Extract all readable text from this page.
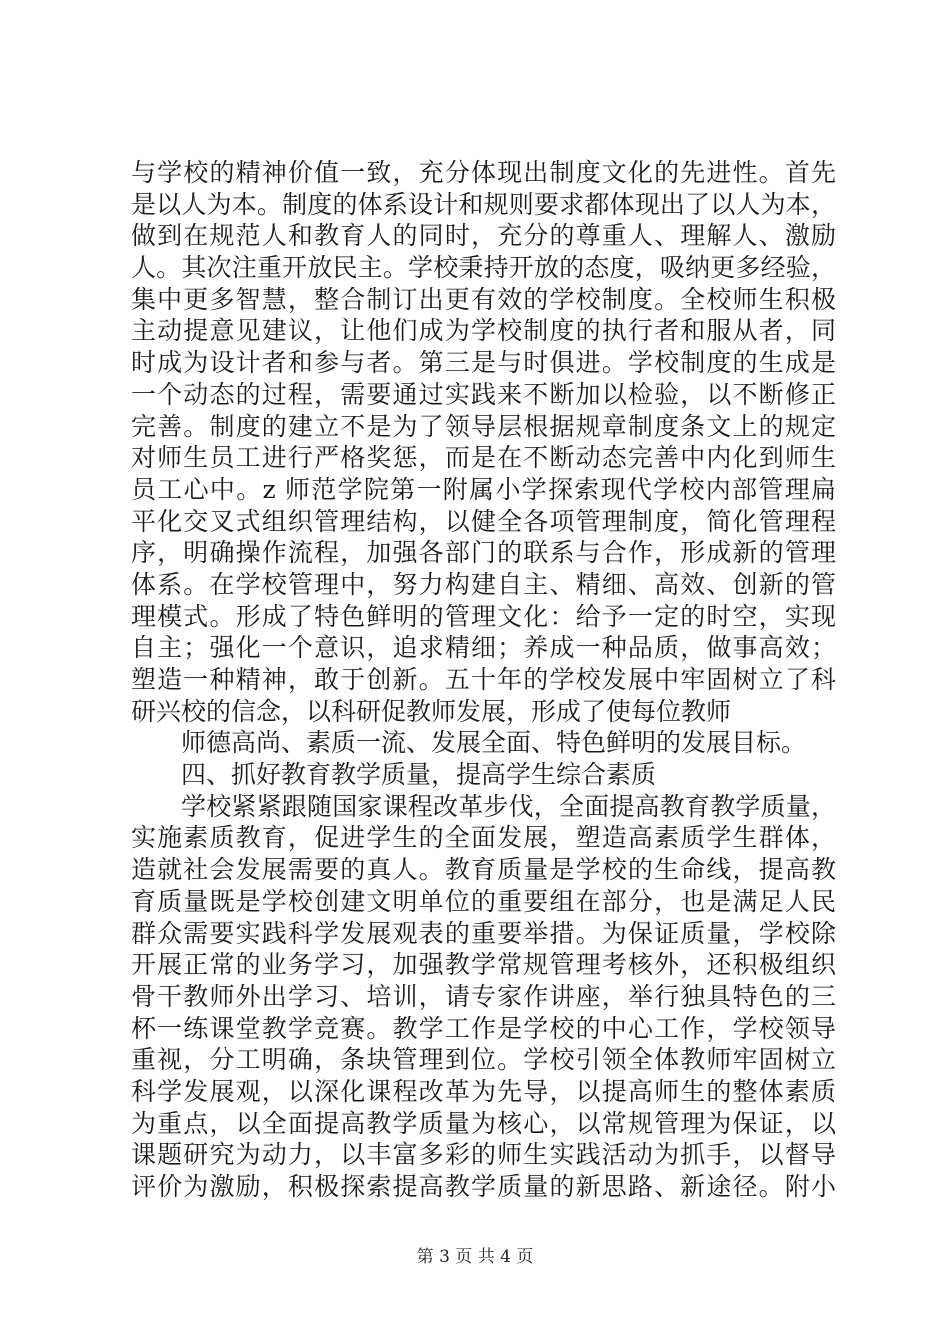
与学校的精神价值一致，充分体现出制度文化的先进性。首先
是以人为本。制度的体系设计和规则要求都体现出了以人为本，
做到在规范人和教育人的同时，充分的尊重人、理解人、激励
人。其次注重开放民主。学校秉持开放的态度，吸纳更多经验，
集中更多智慧，整合制订出更有效的学校制度。全校师生积极
主动提意见建议，让他们成为学校制度的执行者和服从者，同
时成为设计者和参与者。第三是与时俱进。学校制度的生成是
一个动态的过程，需要通过实践来不断加以检验，以不断修正
完善。制度的建立不是为了领导层根据规章制度条文上的规定
对师生员工进行严格奖惩，而是在不断动态完善中内化到师生
员工心中。z 师范学院第一附属小学探索现代学校内部管理扁
平化交叉式组织管理结构，以健全各项管理制度，简化管理程
序，明确操作流程，加强各部门的联系与合作，形成新的管理
体系。在学校管理中，努力构建自主、精细、高效、创新的管
理模式。形成了特色鲜明的管理文化：给予一定的时空，实现
自主；强化一个意识，追求精细；养成一种品质，做事高效；
塑造一种精神，敢于创新。五十年的学校发展中牢固树立了科
研兴校的信念，以科研促教师发展，形成了使每位教师
师德高尚、素质一流、发展全面、特色鲜明的发展目标。
四、抓好教育教学质量，提高学生综合素质
学校紧紧跟随国家课程改革步伐，全面提高教育教学质量，
实施素质教育，促进学生的全面发展，塑造高素质学生群体，
造就社会发展需要的真人。教育质量是学校的生命线，提高教
育质量既是学校创建文明单位的重要组在部分，也是满足人民
群众需要实践科学发展观表的重要举措。为保证质量，学校除
开展正常的业务学习，加强教学常规管理考核外，还积极组织
骨干教师外出学习、培训，请专家作讲座，举行独具特色的三
杯一练课堂教学竞赛。教学工作是学校的中心工作，学校领导
重视，分工明确，条块管理到位。学校引领全体教师牢固树立
科学发展观，以深化课程改革为先导，以提高师生的整体素质
为重点，以全面提高教学质量为核心，以常规管理为保证，以
课题研究为动力，以丰富多彩的师生实践活动为抓手，以督导
评价为激励，积极探索提高教学质量的新思路、新途径。附小
第 3 页 共 4 页
